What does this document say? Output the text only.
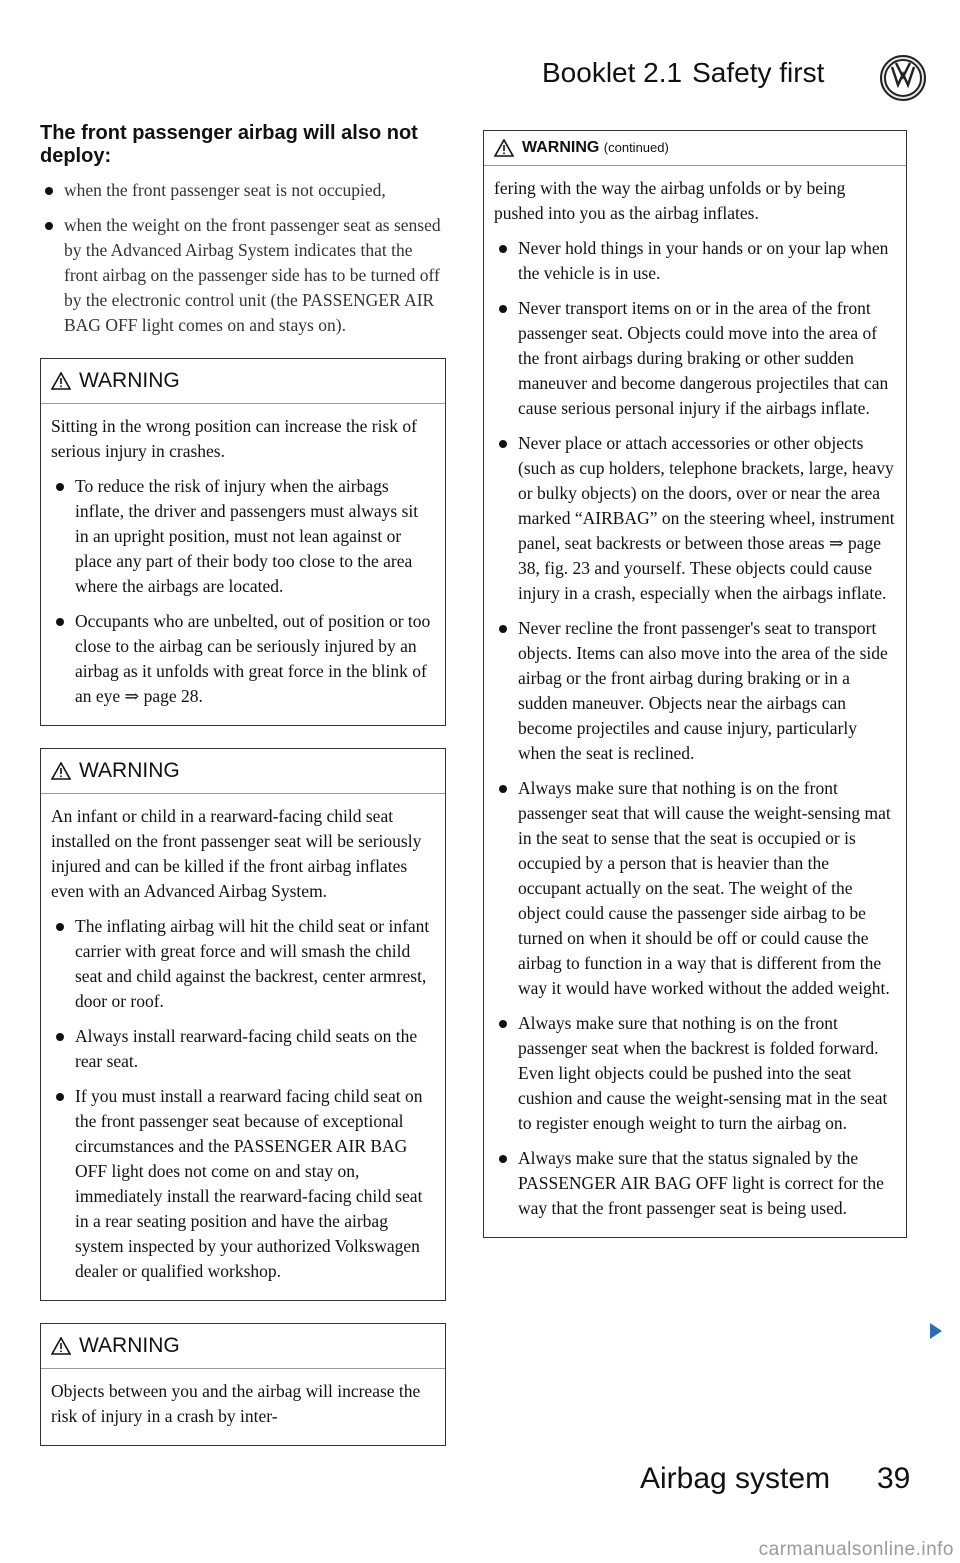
Booklet 2.1 Safety first
The front passenger airbag will also not deploy:
when the front passenger seat is not occupied,
when the weight on the front passenger seat as sensed by the Advanced Airbag System indicates that the front airbag on the passenger side has to be turned off by the electronic control unit (the PASSENGER AIR BAG OFF light comes on and stays on).
WARNING

Sitting in the wrong position can increase the risk of serious injury in crashes.

To reduce the risk of injury when the airbags inflate, the driver and passengers must always sit in an upright position, must not lean against or place any part of their body too close to the area where the airbags are located.
Occupants who are unbelted, out of position or too close to the airbag can be seriously injured by an airbag as it unfolds with great force in the blink of an eye ⇒ page 28.
WARNING

An infant or child in a rearward-facing child seat installed on the front passenger seat will be seriously injured and can be killed if the front airbag inflates even with an Advanced Airbag System.

The inflating airbag will hit the child seat or infant carrier with great force and will smash the child seat and child against the backrest, center armrest, door or roof.
Always install rearward-facing child seats on the rear seat.
If you must install a rearward facing child seat on the front passenger seat because of exceptional circumstances and the PASSENGER AIR BAG OFF light does not come on and stay on, immediately install the rearward-facing child seat in a rear seating position and have the airbag system inspected by your authorized Volkswagen dealer or qualified workshop.
WARNING

Objects between you and the airbag will increase the risk of injury in a crash by inter-

WARNING (continued)

fering with the way the airbag unfolds or by being pushed into you as the airbag inflates.

Never hold things in your hands or on your lap when the vehicle is in use.
Never transport items on or in the area of the front passenger seat. Objects could move into the area of the front airbags during braking or other sudden maneuver and become dangerous projectiles that can cause serious personal injury if the airbags inflate.
Never place or attach accessories or other objects (such as cup holders, telephone brackets, large, heavy or bulky objects) on the doors, over or near the area marked “AIRBAG” on the steering wheel, instrument panel, seat backrests or between those areas ⇒ page 38, fig. 23 and yourself. These objects could cause injury in a crash, especially when the airbags inflate.
Never recline the front passenger's seat to transport objects. Items can also move into the area of the side airbag or the front airbag during braking or in a sudden maneuver. Objects near the airbags can become projectiles and cause injury, particularly when the seat is reclined.
Always make sure that nothing is on the front passenger seat that will cause the weight-sensing mat in the seat to sense that the seat is occupied or is occupied by a person that is heavier than the occupant actually on the seat. The weight of the object could cause the passenger side airbag to be turned on when it should be off or could cause the airbag to function in a way that is different from the way it would have worked without the added weight.
Always make sure that nothing is on the front passenger seat when the backrest is folded forward. Even light objects could be pushed into the seat cushion and cause the weight-sensing mat in the seat to register enough weight to turn the airbag on.
Always make sure that the status signaled by the PASSENGER AIR BAG OFF light is correct for the way that the front passenger seat is being used.
Airbag system 39
carmanualsonline.info
